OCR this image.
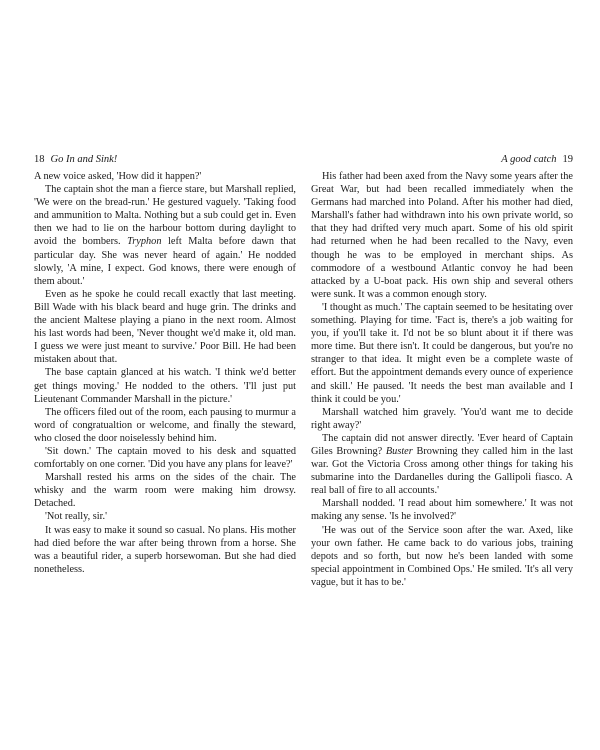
18 Go In and Sink!

A new voice asked, 'How did it happen?'

The captain shot the man a fierce stare, but Marshall replied, 'We were on the bread-run.' He gestured vaguely. 'Taking food and ammunition to Malta. Nothing but a sub could get in. Even then we had to lie on the harbour bottom during daylight to avoid the bombers. Tryphon left Malta before dawn that particular day. She was never heard of again.' He nodded slowly, 'A mine, I expect. God knows, there were enough of them about.'

Even as he spoke he could recall exactly that last meeting. Bill Wade with his black beard and huge grin. The drinks and the ancient Maltese playing a piano in the next room. Almost his last words had been, 'Never thought we'd make it, old man. I guess we were just meant to survive.' Poor Bill. He had been mistaken about that.

The base captain glanced at his watch. 'I think we'd better get things moving.' He nodded to the others. 'I'll just put Lieutenant Commander Marshall in the picture.'

The officers filed out of the room, each pausing to murmur a word of congratualtion or welcome, and finally the steward, who closed the door noiselessly behind him.

'Sit down.' The captain moved to his desk and squatted comfortably on one corner. 'Did you have any plans for leave?'

Marshall rested his arms on the sides of the chair. The whisky and the warm room were making him drowsy. Detached.

'Not really, sir.'

It was easy to make it sound so casual. No plans. His mother had died before the war after being thrown from a horse. She was a beautiful rider, a superb horsewoman. But she had died nonetheless.

A good catch 19

His father had been axed from the Navy some years after the Great War, but had been recalled immediately when the Germans had marched into Poland. After his mother had died, Marshall's father had withdrawn into his own private world, so that they had drifted very much apart. Some of his old spirit had returned when he had been recalled to the Navy, even though he was to be employed in merchant ships. As commodore of a westbound Atlantic convoy he had been attacked by a U-boat pack. His own ship and several others were sunk. It was a common enough story.

'I thought as much.' The captain seemed to be hesitating over something. Playing for time. 'Fact is, there's a job waiting for you, if you'll take it. I'd not be so blunt about it if there was more time. But there isn't. It could be dangerous, but you're no stranger to that idea. It might even be a complete waste of effort. But the appointment demands every ounce of experience and skill.' He paused. 'It needs the best man available and I think it could be you.'

Marshall watched him gravely. 'You'd want me to decide right away?'

The captain did not answer directly. 'Ever heard of Captain Giles Browning? Buster Browning they called him in the last war. Got the Victoria Cross among other things for taking his submarine into the Dardanelles during the Gallipoli fiasco. A real ball of fire to all accounts.'

Marshall nodded. 'I read about him somewhere.' It was not making any sense. 'Is he involved?'

'He was out of the Service soon after the war. Axed, like your own father. He came back to do various jobs, training depots and so forth, but now he's been landed with some special appointment in Combined Ops.' He smiled. 'It's all very vague, but it has to be.'
